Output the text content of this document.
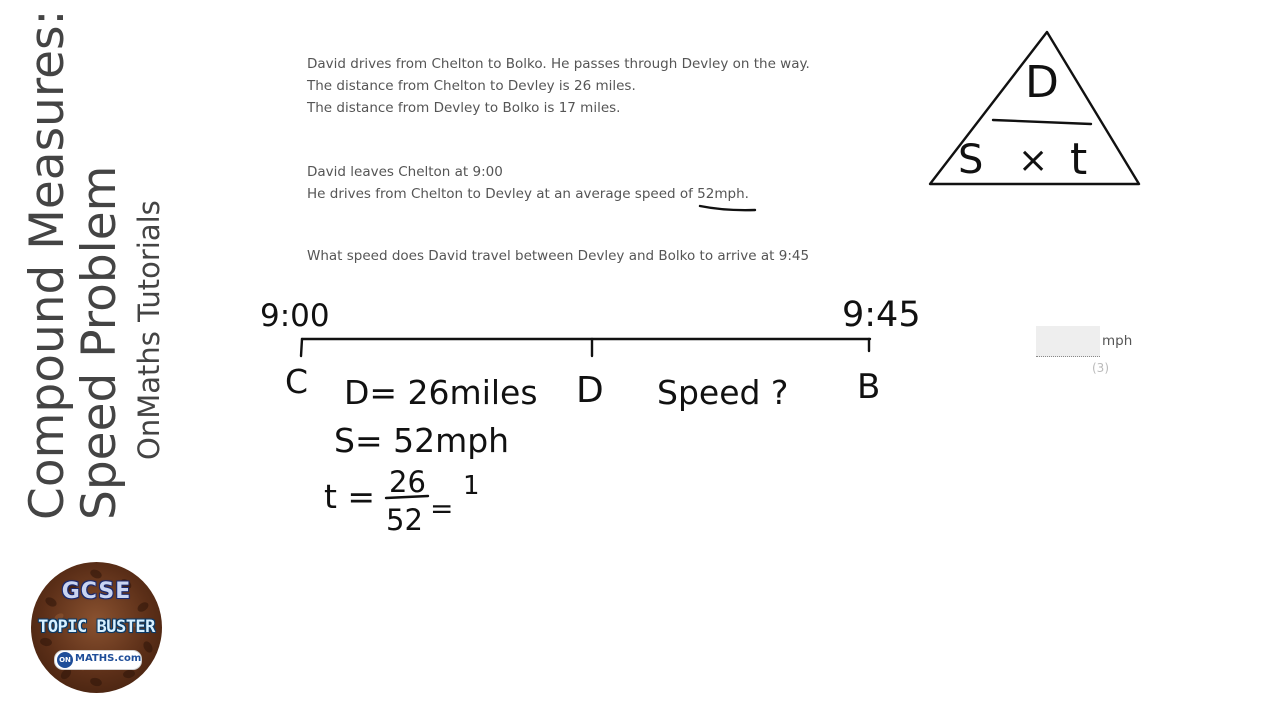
Compound Measures:
Speed Problem OnMaths Tutorials
David drives from Chelton to Bolko. He passes through Devley on the way.
The distance from Chelton to Devley is 26 miles.
The distance from Devley to Bolko is 17 miles.
David leaves Chelton at 9:00
He drives from Chelton to Devley at an average speed of 52mph.
What speed does David travel between Devley and Bolko to arrive at 9:45
mph
(3)
D
S × t
9:00	9:45
C	D	B
D= 26miles	Speed ?
S= 52mph
t = 26
52 =
1
GCSE
TOPIC BUSTER
ON MATHS.com
